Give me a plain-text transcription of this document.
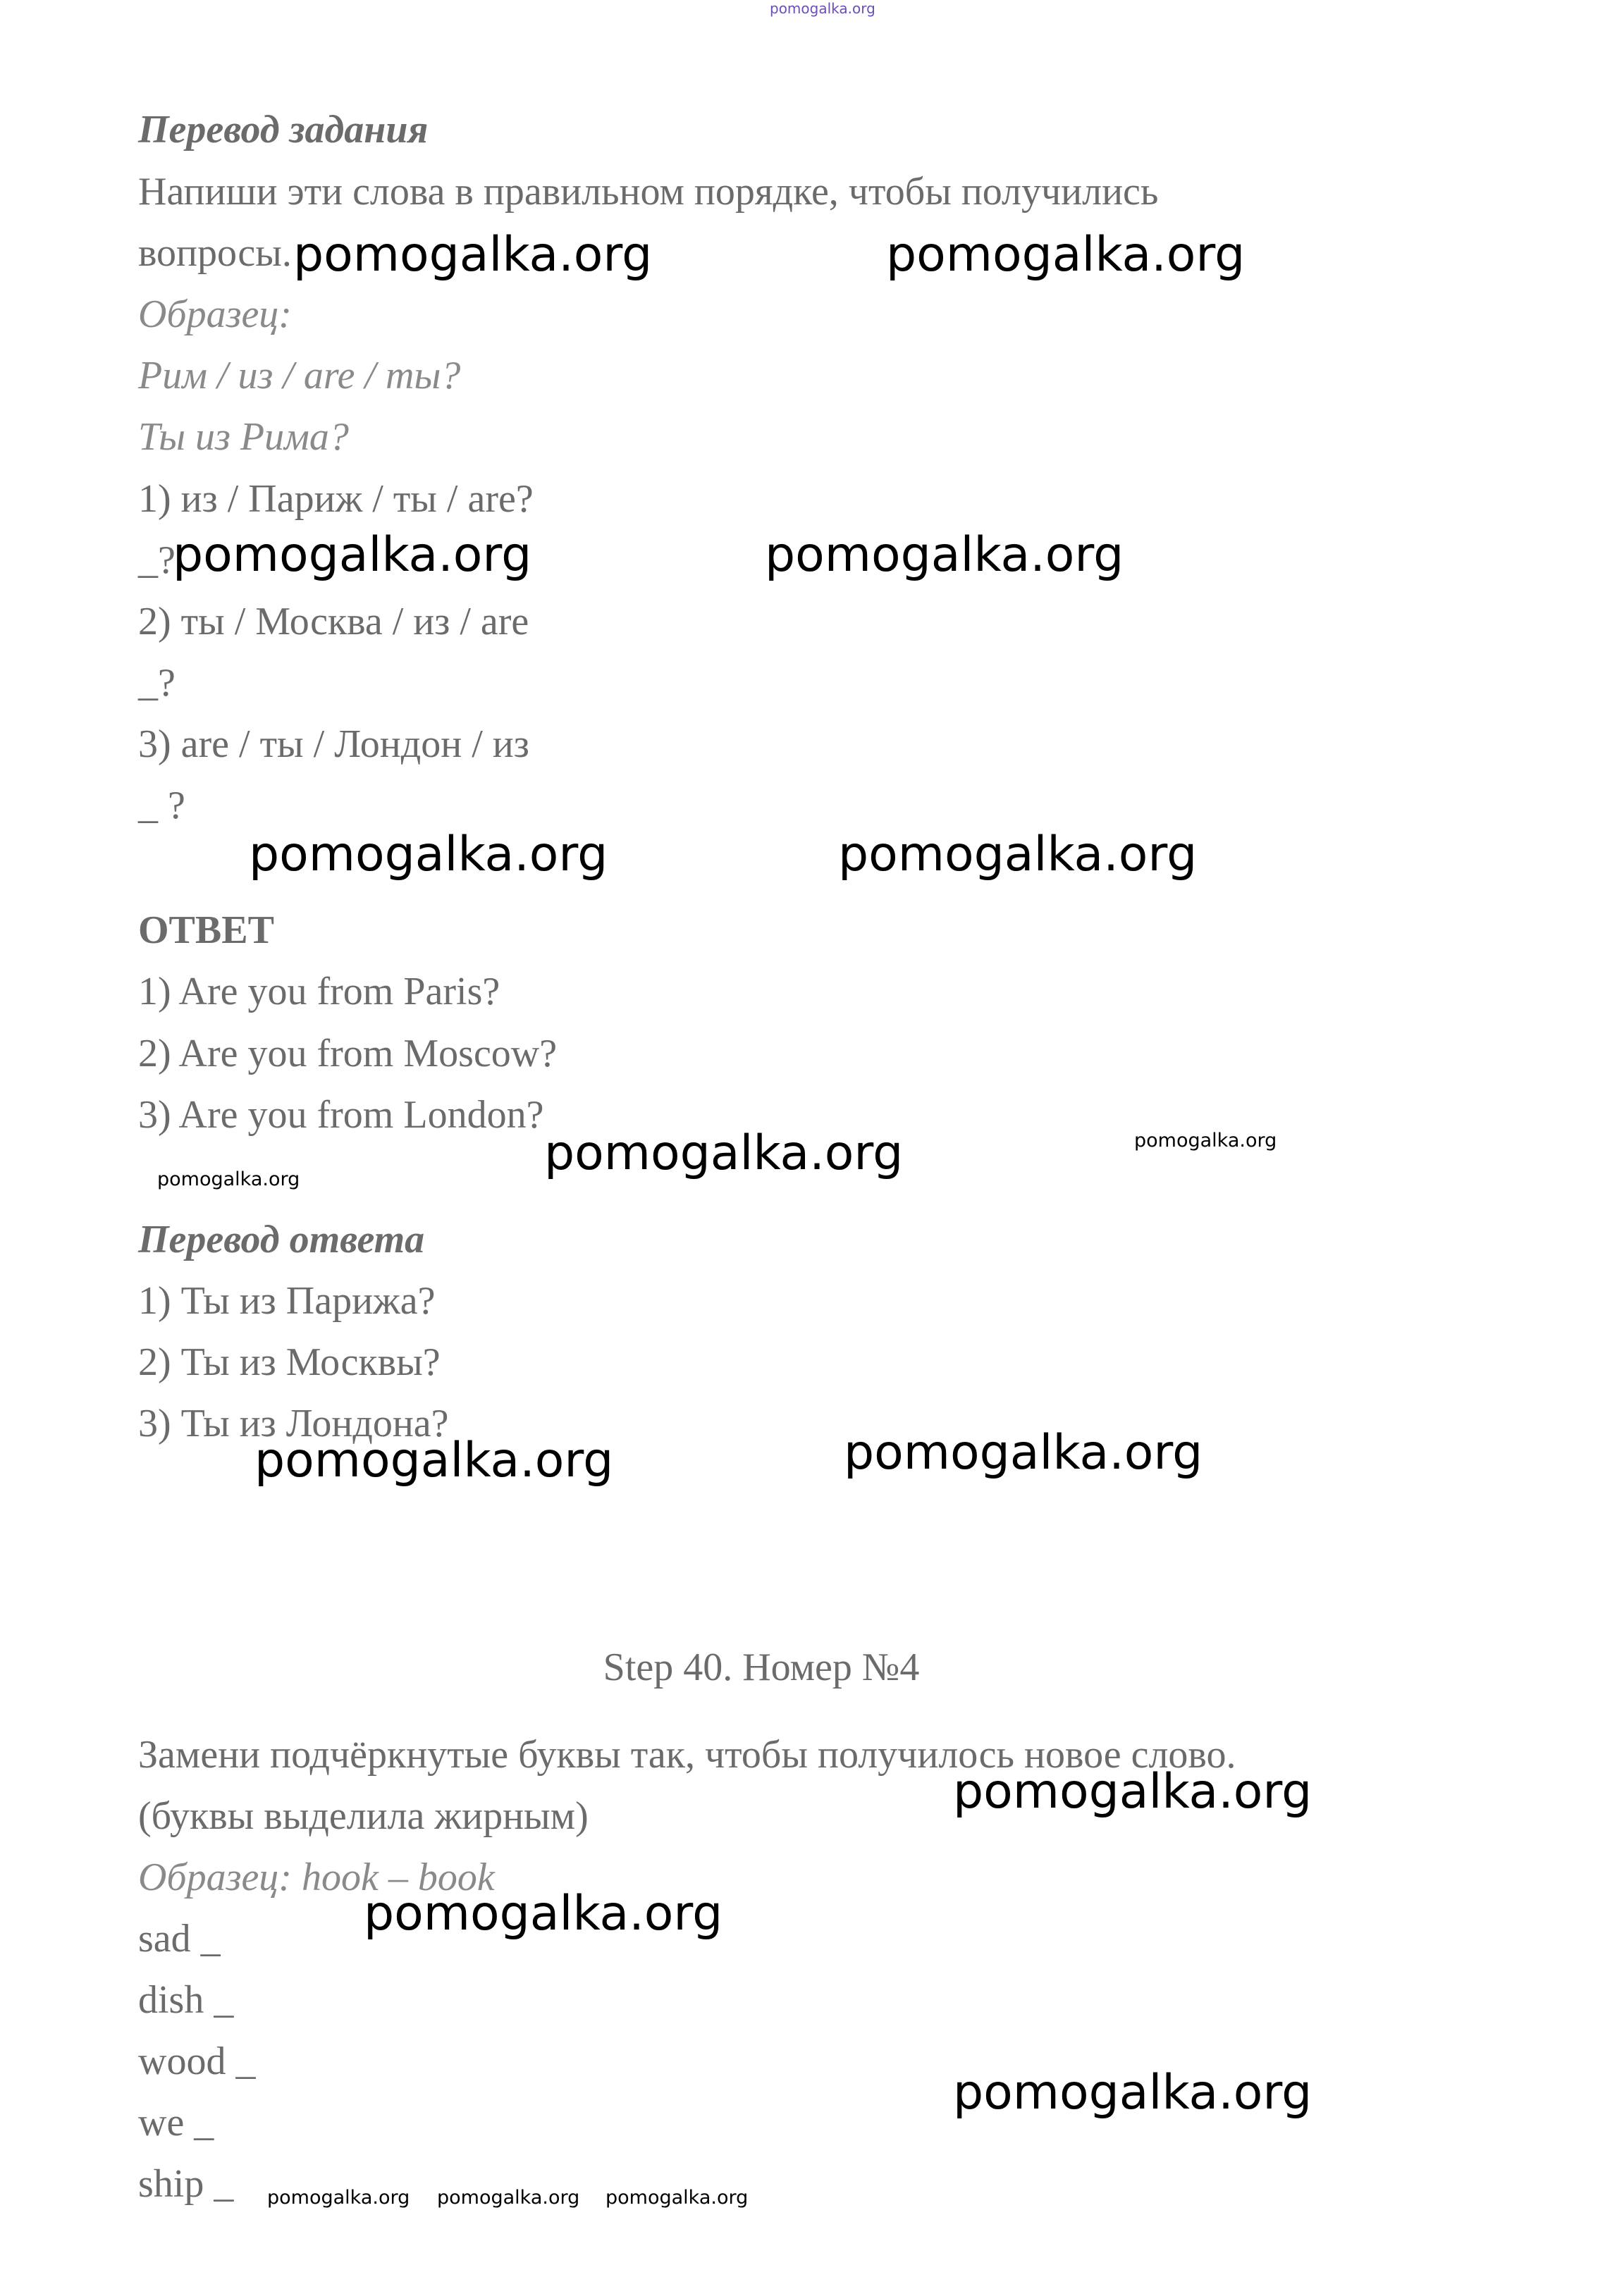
pomogalka.org

Перевод задания

Напиши эти слова в правильном порядке, чтобы получились

вопросы.

Образец:

Рим / из / are / ты?

Ты из Рима?

1) из / Париж / ты / are?

_?

2) ты / Москва / из / are

_?

3) are / ты / Лондон / из

_ ?

ОТВЕТ

1) Are you from Paris?

2) Are you from Moscow?

3) Are you from London?

Перевод ответа

1) Ты из Парижа?

2) Ты из Москвы?

3) Ты из Лондона?

Step 40. Номер №4

Замени подчёркнутые буквы так, чтобы получилось новое слово.

(буквы выделила жирным)

Образец: hook – book

sad _

dish _

wood _

we _

ship _

pomogalka.org	pomogalka.org

pomogalka.org	pomogalka.org

pomogalka.org	pomogalka.org

pomogalka.org

pomogalka.org	pomogalka.org

pomogalka.org

pomogalka.org

pomogalka.org

pomogalka.org

pomogalka.org

pomogalka.org pomogalka.org pomogalka.org
